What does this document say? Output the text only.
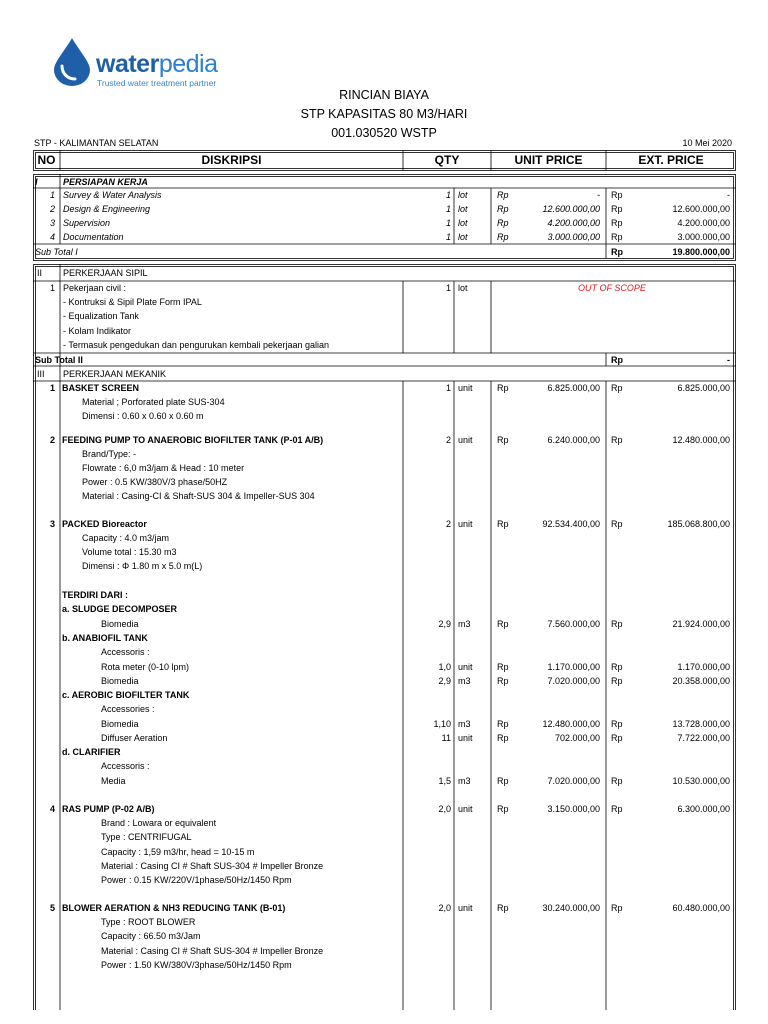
waterpedia
Trusted water treatment partner
RINCIAN BIAYA
STP KAPASITAS 80 M3/HARI
001.030520 WSTP
STP - KALIMANTAN SELATAN	10 Mei 2020
NO	DISKRIPSI	QTY	UNIT PRICE	EXT. PRICE
I	PERSIAPAN KERJA
1 Survey & Water Analysis	1 lot	Rp	- Rp	-
2 Design & Engineering	1 lot	Rp	12.600.000,00 Rp	12.600.000,00
3 Supervision	1 lot	Rp	4.200.000,00 Rp	4.200.000,00
4 Documentation	1 lot	Rp	3.000.000,00 Rp	3.000.000,00
Sub Total I	Rp	19.800.000,00
II PERKERJAAN SIPIL
1 Pekerjaan civil :	1 lot	OUT OF SCOPE
- Kontruksi & Sipil Plate Form IPAL
- Equalization Tank
- Kolam Indikator
- Termasuk pengedukan dan pengurukan kembali pekerjaan galian
Sub Total II	Rp	-
III PERKERJAAN MEKANIK
1 BASKET SCREEN	1 unit	Rp	6.825.000,00 Rp	6.825.000,00
Material ; Porforated plate SUS-304
Dimensi : 0.60 x 0.60 x 0.60 m
2 FEEDING PUMP TO ANAEROBIC BIOFILTER TANK (P-01 A/B)	2 unit	Rp	6.240.000,00 Rp	12.480.000,00
Brand/Type: -
Flowrate : 6,0 m3/jam & Head : 10 meter
Power : 0.5 KW/380V/3 phase/50HZ
Material : Casing-CI & Shaft-SUS 304 & Impeller-SUS 304
3 PACKED Bioreactor	2 unit	Rp	92.534.400,00 Rp	185.068.800,00
Capacity : 4.0 m3/jam
Volume total : 15.30 m3
Dimensi : Φ 1.80 m x 5.0 m(L)
TERDIRI DARI :
a. SLUDGE DECOMPOSER
Biomedia	2,9 m3	Rp	7.560.000,00 Rp	21.924.000,00
b. ANABIOFIL TANK
Accessoris :
Rota meter (0-10 lpm)	1,0 unit	Rp	1.170.000,00 Rp	1.170.000,00
Biomedia	2,9 m3	Rp	7.020.000,00 Rp	20.358.000,00
c. AEROBIC BIOFILTER TANK
Accessories :
Biomedia	1,10 m3	Rp	12.480.000,00 Rp	13.728.000,00
Diffuser Aeration	11 unit	Rp	702.000,00 Rp	7.722.000,00
d. CLARIFIER
Accessoris :
Media	1,5 m3	Rp	7.020.000,00 Rp	10.530.000,00
4 RAS PUMP (P-02 A/B)	2,0 unit	Rp	3.150.000,00 Rp	6.300.000,00
Brand : Lowara or equivalent
Type : CENTRIFUGAL
Capacity : 1,59 m3/hr, head = 10-15 m
Material : Casing CI # Shaft SUS-304 # Impeller Bronze
Power : 0.15 KW/220V/1phase/50Hz/1450 Rpm
5 BLOWER AERATION & NH3 REDUCING TANK (B-01)	2,0 unit	Rp	30.240.000,00 Rp	60.480.000,00
Type : ROOT BLOWER
Capacity : 66.50 m3/Jam
Material : Casing CI # Shaft SUS-304 # Impeller Bronze
Power : 1.50 KW/380V/3phase/50Hz/1450 Rpm
